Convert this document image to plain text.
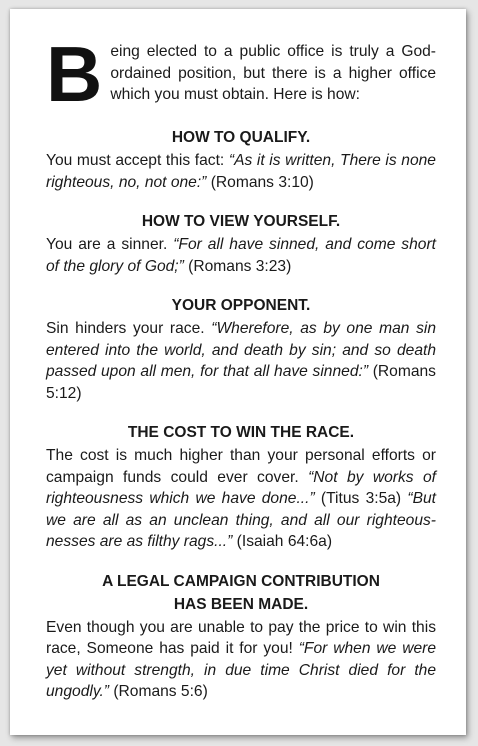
Being elected to a public office is truly a God-ordained position, but there is a higher office which you must obtain. Here is how:

HOW TO QUALIFY.

You must accept this fact: “As it is written, There is none righteous, no, not one:” (Romans 3:10)

HOW TO VIEW YOURSELF.

You are a sinner. “For all have sinned, and come short of the glory of God;” (Romans 3:23)

YOUR OPPONENT.

Sin hinders your race. “Wherefore, as by one man sin entered into the world, and death by sin; and so death passed upon all men, for that all have sinned:” (Romans 5:12)

THE COST TO WIN THE RACE.

The cost is much higher than your personal efforts or campaign funds could ever cover. “Not by works of righteousness which we have done...” (Titus 3:5a) “But we are all as an unclean thing, and all our righteousnesses are as filthy rags...” (Isaiah 64:6a)

A LEGAL CAMPAIGN CONTRIBUTION
HAS BEEN MADE.

Even though you are unable to pay the price to win this race, Someone has paid it for you! “For when we were yet without strength, in due time Christ died for the ungodly.” (Romans 5:6)
